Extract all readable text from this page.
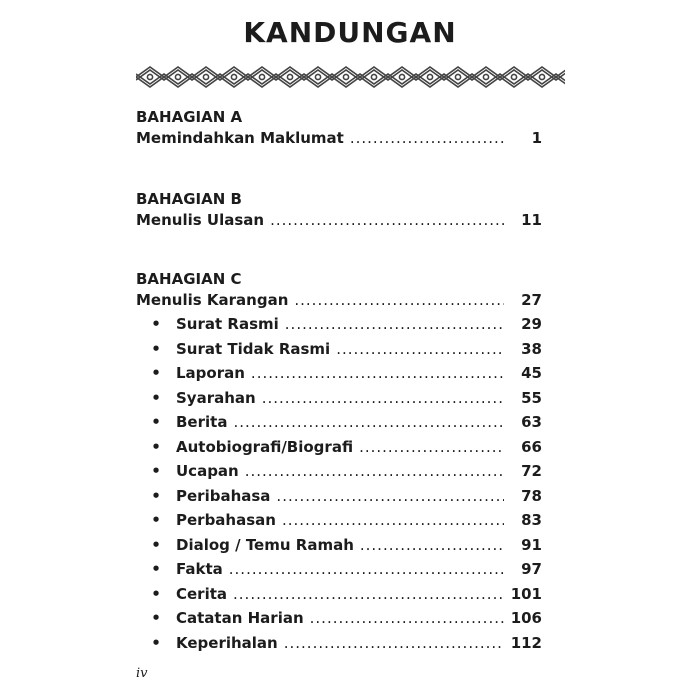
KANDUNGAN
BAHAGIAN A
Memindahkan Maklumat .....	1
BAHAGIAN B
Menulis Ulasan .....	11
BAHAGIAN C
Menulis Karangan .....	27
•	Surat Rasmi .....	29
•	Surat Tidak Rasmi .....	38
•	Laporan .....	45
•	Syarahan .....	55
•	Berita .....	63
•	Autobiografi/Biografi .....	66
•	Ucapan .....	72
•	Peribahasa .....	78
•	Perbahasan .....	83
•	Dialog / Temu Ramah .....	91
•	Fakta .....	97
•	Cerita .....	101
•	Catatan Harian .....	106
•	Keperihalan .....	112
iv
